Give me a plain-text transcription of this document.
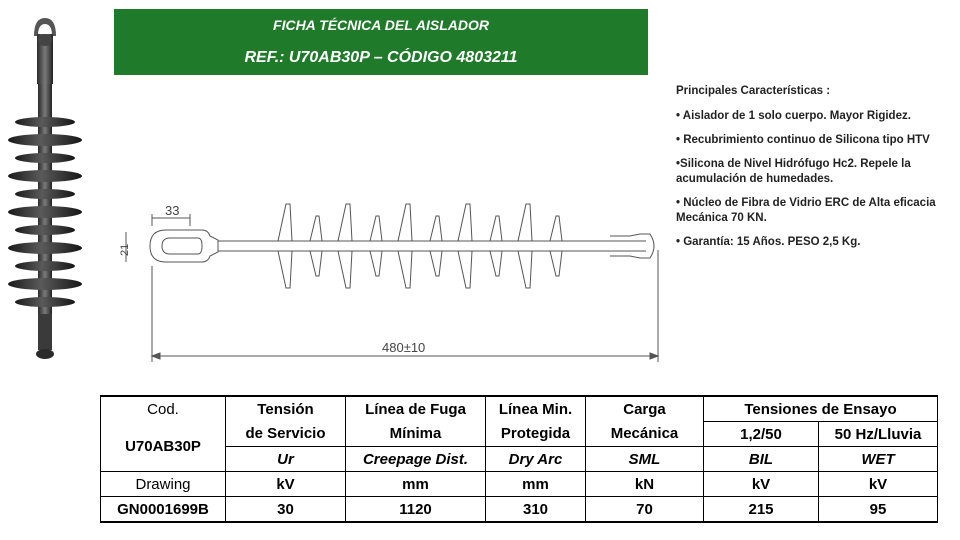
FICHA TÉCNICA DEL AISLADOR
REF.: U70AB30P – CÓDIGO 4803211
33
21
480±10
Principales Características :
• Aislador de 1 solo cuerpo. Mayor Rigidez.
• Recubrimiento continuo de Silicona tipo HTV
•Silicona de Nivel Hidrófugo Hc2. Repele la acumulación de humedades.
• Núcleo de Fibra de Vidrio ERC de Alta eficacia Mecánica 70 KN.
• Garantía: 15 Años. PESO 2,5 Kg.
Cod.	Tensión	Línea de Fuga	Línea Min.	Carga	Tensiones de Ensayo	
U70AB30P	de Servicio	Mínima	Protegida	Mecánica	1,2/50	50 Hz/Lluvia
	Ur	Creepage Dist.	Dry Arc	SML	BIL	WET
Drawing	kV	mm	mm	kN	kV	kV
GN0001699B	30	1120	310	70	215	95
